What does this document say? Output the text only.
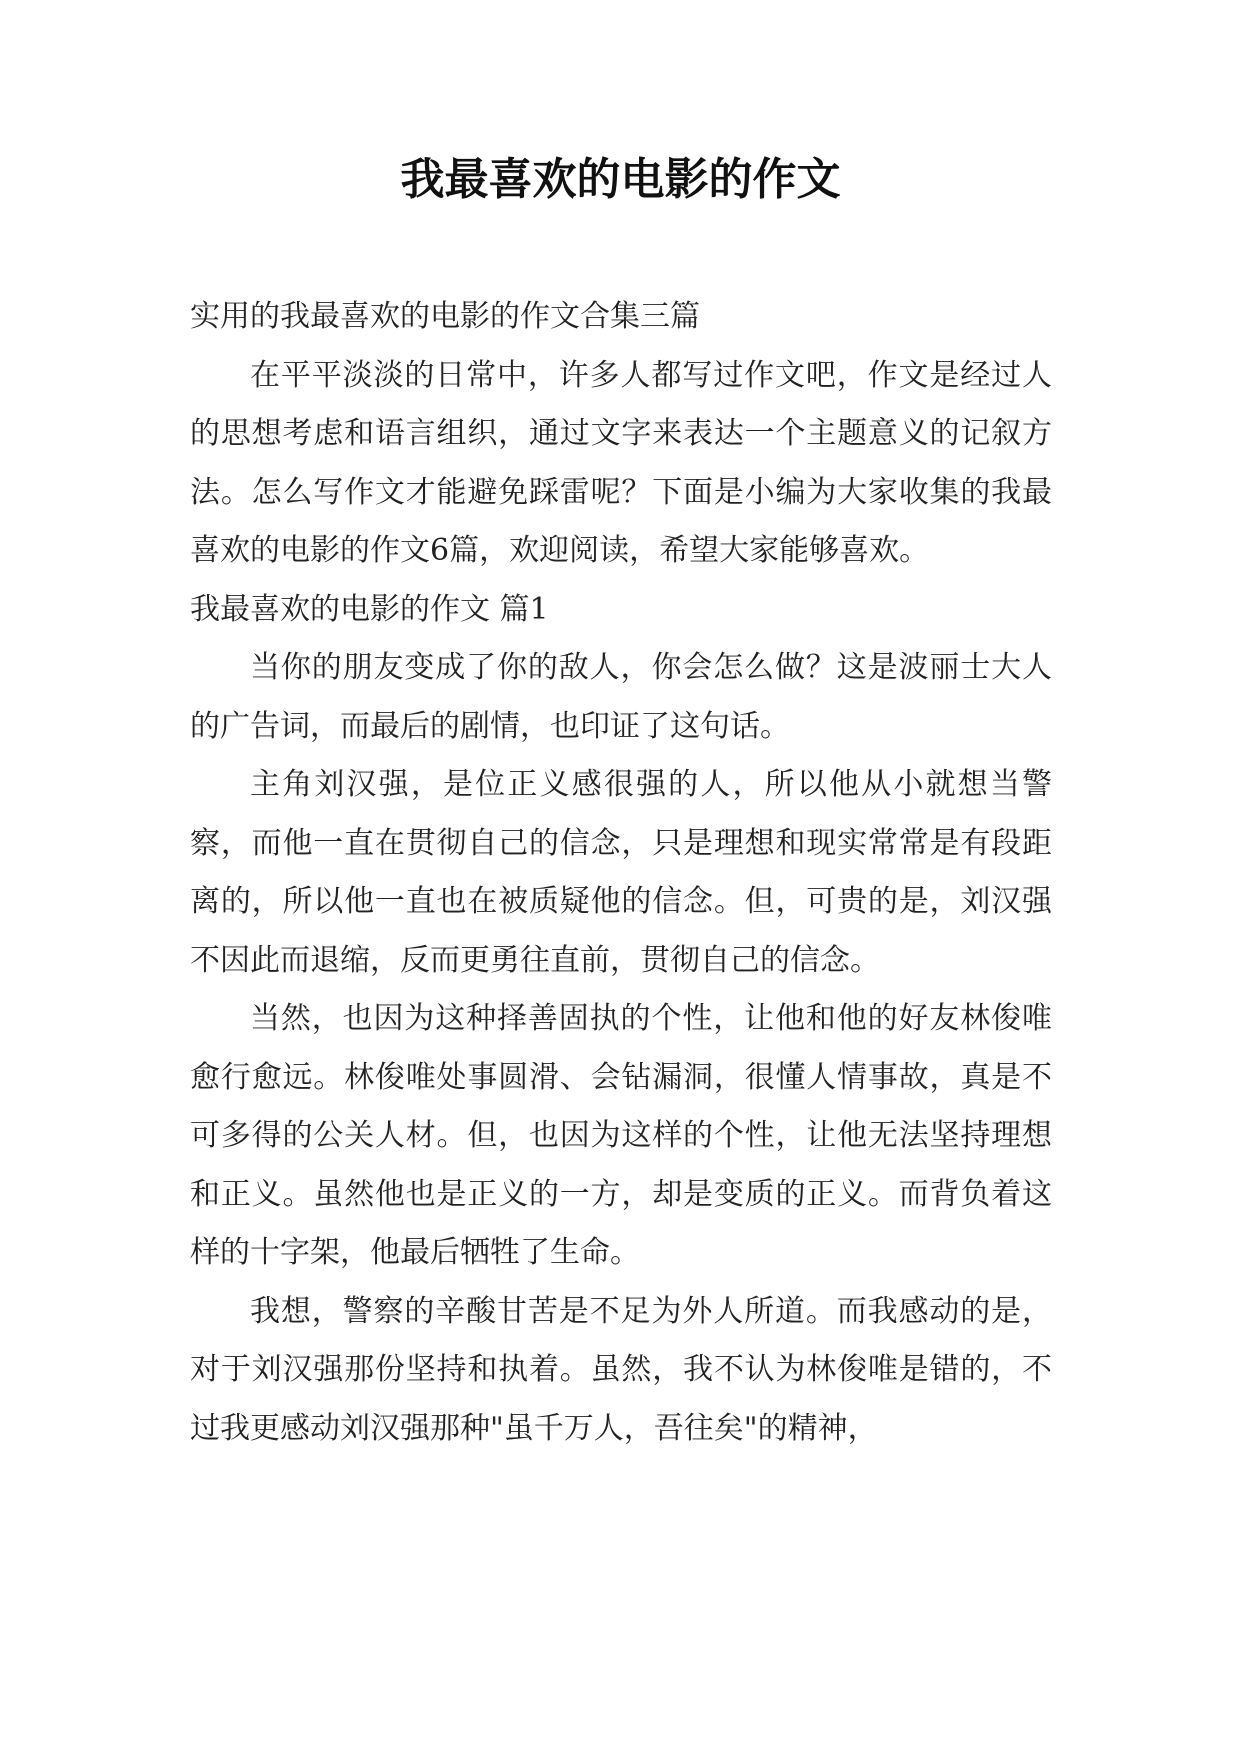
我最喜欢的电影的作文

实用的我最喜欢的电影的作文合集三篇

在平平淡淡的日常中，许多人都写过作文吧，作文是经过人的思想考虑和语言组织，通过文字来表达一个主题意义的记叙方法。怎么写作文才能避免踩雷呢？下面是小编为大家收集的我最喜欢的电影的作文6篇，欢迎阅读，希望大家能够喜欢。

我最喜欢的电影的作文 篇1

当你的朋友变成了你的敌人，你会怎么做？这是波丽士大人的广告词，而最后的剧情，也印证了这句话。

主角刘汉强，是位正义感很强的人，所以他从小就想当警察，而他一直在贯彻自己的信念，只是理想和现实常常是有段距离的，所以他一直也在被质疑他的信念。但，可贵的是，刘汉强不因此而退缩，反而更勇往直前，贯彻自己的信念。

当然，也因为这种择善固执的个性，让他和他的好友林俊唯愈行愈远。林俊唯处事圆滑、会钻漏洞，很懂人情事故，真是不可多得的公关人材。但，也因为这样的个性，让他无法坚持理想和正义。虽然他也是正义的一方，却是变质的正义。而背负着这样的十字架，他最后牺牲了生命。

我想，警察的辛酸甘苦是不足为外人所道。而我感动的是，对于刘汉强那份坚持和执着。虽然，我不认为林俊唯是错的，不过我更感动刘汉强那种"虽千万人，吾往矣"的精神，
